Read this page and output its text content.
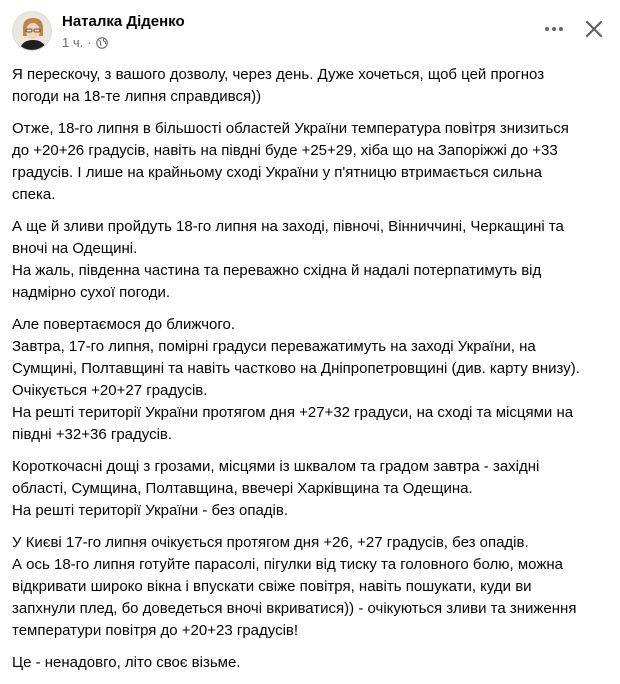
Наталка Діденко
1 ч. ·
Я перескочу, з вашого дозволу, через день. Дуже хочеться, щоб цей прогноз
погоди на 18-те липня справдився))
Отже, 18-го липня в більшості областей України температура повітря знизиться
до +20+26 градусів, навіть на півдні буде +25+29, хіба що на Запоріжжі до +33
градусів. І лише на крайньому сході України у п'ятницю втримається сильна
спека.
А ще й зливи пройдуть 18-го липня на заході, півночі, Вінниччині, Черкащині та
вночі на Одещині.
На жаль, південна частина та переважно східна й надалі потерпатимуть від
надмірно сухої погоди.
Але повертаємося до ближчого.
Завтра, 17-го липня, помірні градуси переважатимуть на заході України, на
Сумщині, Полтавщині та навіть частково на Дніпропетровщині (див. карту внизу).
Очікується +20+27 градусів.
На решті території України протягом дня +27+32 градуси, на сході та місцями на
півдні +32+36 градусів.
Короткочасні дощі з грозами, місцями із шквалом та градом завтра - західні
області, Сумщина, Полтавщина, ввечері Харківщина та Одещина.
На решті території України - без опадів.
У Києві 17-го липня очікується протягом дня +26, +27 градусів, без опадів.
А ось 18-го липня готуйте парасолі, пігулки від тиску та головного болю, можна
відкривати широко вікна і впускати свіже повітря, навіть пошукати, куди ви
запхнули плед, бо доведеться вночі вкриватися)) - очікуються зливи та зниження
температури повітря до +20+23 градусів!
Це - ненадовго, літо своє візьме.
